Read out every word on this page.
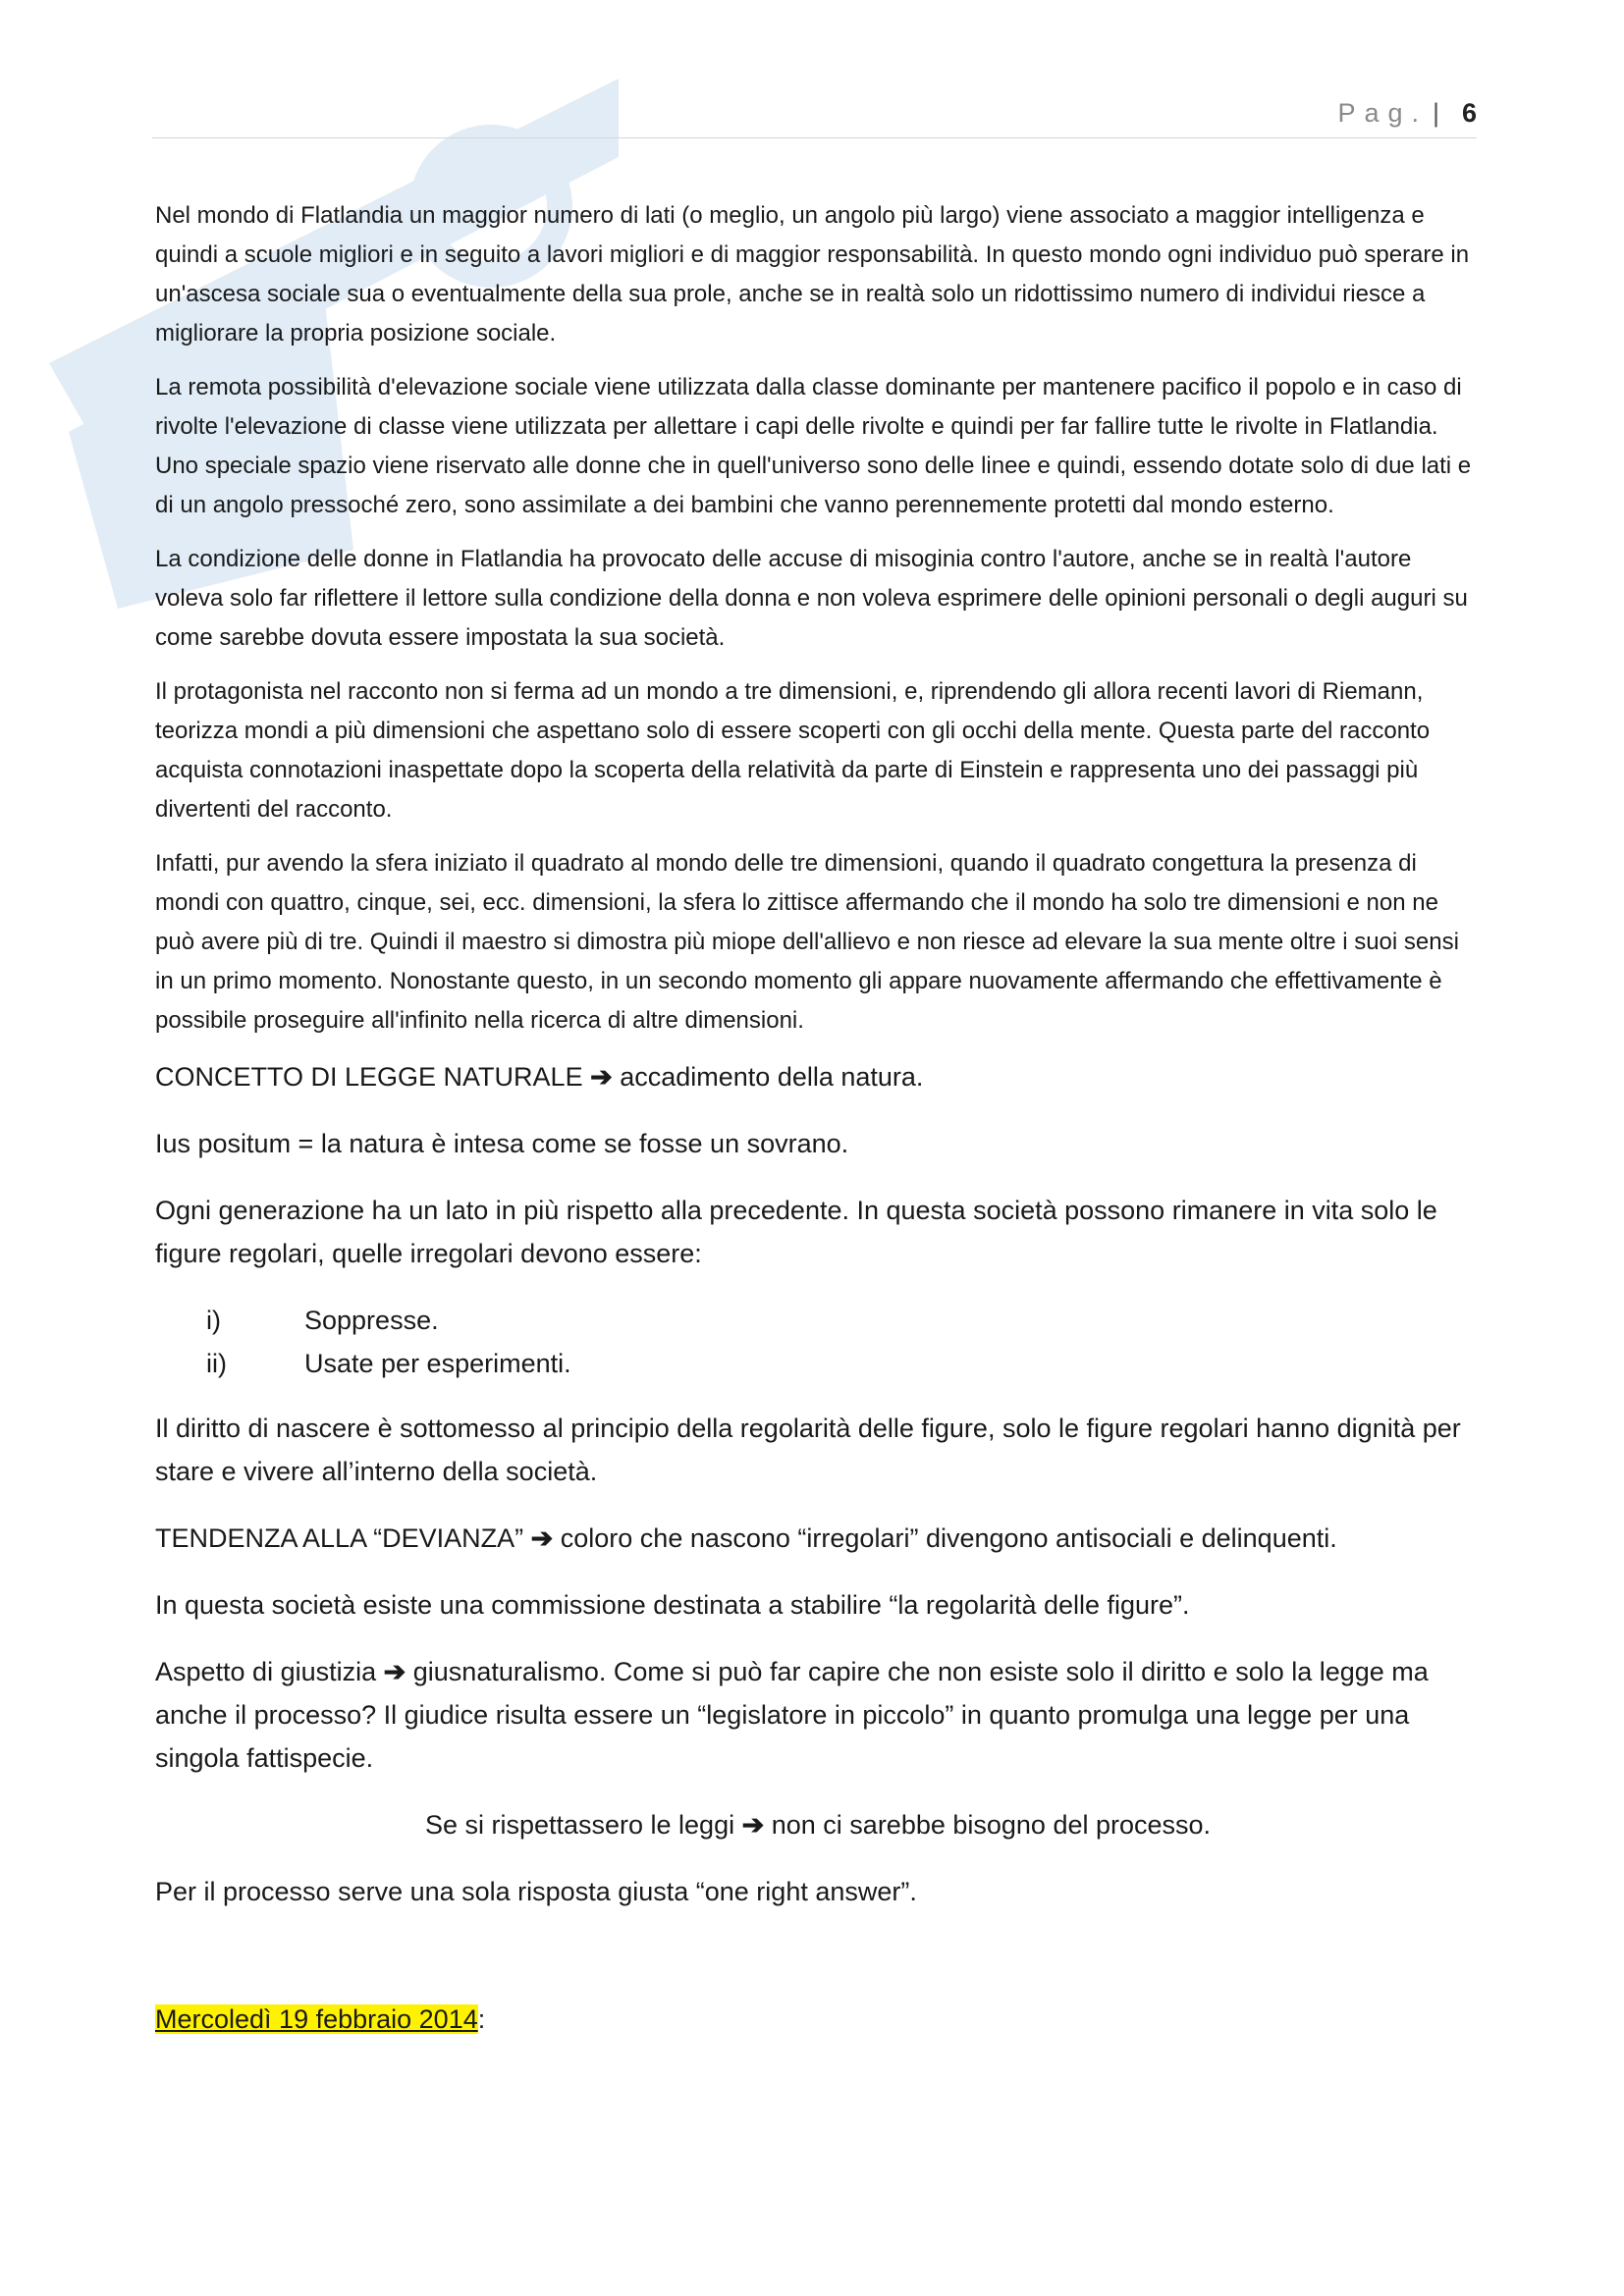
Pag. | 6

Nel mondo di Flatlandia un maggior numero di lati (o meglio, un angolo più largo) viene associato a maggior intelligenza e quindi a scuole migliori e in seguito a lavori migliori e di maggior responsabilità. In questo mondo ogni individuo può sperare in un'ascesa sociale sua o eventualmente della sua prole, anche se in realtà solo un ridottissimo numero di individui riesce a migliorare la propria posizione sociale.

La remota possibilità d'elevazione sociale viene utilizzata dalla classe dominante per mantenere pacifico il popolo e in caso di rivolte l'elevazione di classe viene utilizzata per allettare i capi delle rivolte e quindi per far fallire tutte le rivolte in Flatlandia. Uno speciale spazio viene riservato alle donne che in quell'universo sono delle linee e quindi, essendo dotate solo di due lati e di un angolo pressoché zero, sono assimilate a dei bambini che vanno perennemente protetti dal mondo esterno.

La condizione delle donne in Flatlandia ha provocato delle accuse di misoginia contro l'autore, anche se in realtà l'autore voleva solo far riflettere il lettore sulla condizione della donna e non voleva esprimere delle opinioni personali o degli auguri su come sarebbe dovuta essere impostata la sua società.

Il protagonista nel racconto non si ferma ad un mondo a tre dimensioni, e, riprendendo gli allora recenti lavori di Riemann, teorizza mondi a più dimensioni che aspettano solo di essere scoperti con gli occhi della mente. Questa parte del racconto acquista connotazioni inaspettate dopo la scoperta della relatività da parte di Einstein e rappresenta uno dei passaggi più divertenti del racconto.

Infatti, pur avendo la sfera iniziato il quadrato al mondo delle tre dimensioni, quando il quadrato congettura la presenza di mondi con quattro, cinque, sei, ecc. dimensioni, la sfera lo zittisce affermando che il mondo ha solo tre dimensioni e non ne può avere più di tre. Quindi il maestro si dimostra più miope dell'allievo e non riesce ad elevare la sua mente oltre i suoi sensi in un primo momento. Nonostante questo, in un secondo momento gli appare nuovamente affermando che effettivamente è possibile proseguire all'infinito nella ricerca di altre dimensioni.

CONCETTO DI LEGGE NATURALE ➔ accadimento della natura.

Ius positum = la natura è intesa come se fosse un sovrano.

Ogni generazione ha un lato in più rispetto alla precedente. In questa società possono rimanere in vita solo le figure regolari, quelle irregolari devono essere:

i)	Soppresse.
ii)	Usate per esperimenti.

Il diritto di nascere è sottomesso al principio della regolarità delle figure, solo le figure regolari hanno dignità per stare e vivere all’interno della società.

TENDENZA ALLA “DEVIANZA” ➔ coloro che nascono “irregolari” divengono antisociali e delinquenti.

In questa società esiste una commissione destinata a stabilire “la regolarità delle figure”.

Aspetto di giustizia ➔ giusnaturalismo. Come si può far capire che non esiste solo il diritto e solo la legge ma anche il processo? Il giudice risulta essere un “legislatore in piccolo” in quanto promulga una legge per una singola fattispecie.

Se si rispettassero le leggi ➔ non ci sarebbe bisogno del processo.

Per il processo serve una sola risposta giusta “one right answer”.

Mercoledì 19 febbraio 2014:
